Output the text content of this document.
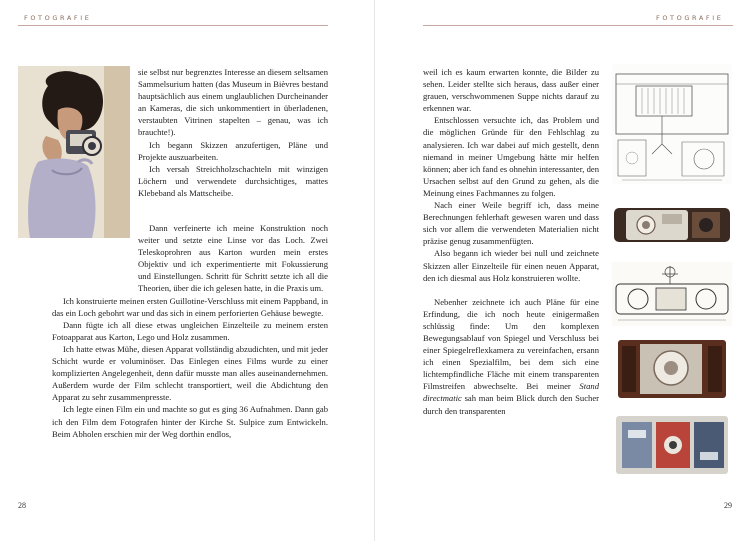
FOTOGRAFIE

sie selbst nur begrenztes Interesse an diesem seltsamen Sammelsurium hatten (das Museum in Bièvres bestand hauptsächlich aus einem unglaublichen Durcheinander an Kameras, die sich unkommentiert in überladenen, verstaubten Vitrinen stapelten – genau, was ich brauchte!).

Ich begann Skizzen anzufertigen, Pläne und Projekte auszuarbeiten.

Ich versah Streichholzschachteln mit winzigen Löchern und verwendete durchsichtiges, mattes Klebeband als Mattscheibe.

Dann verfeinerte ich meine Konstruktion noch weiter und setzte eine Linse vor das Loch. Zwei Teleskoprohren aus Karton wurden mein erstes Objektiv und ich experimentierte mit Fokussierung und Einstellungen. Schritt für Schritt setzte ich all die Theorien, über die ich gelesen hatte, in die Praxis um.

Ich konstruierte meinen ersten Guillotine-Verschluss mit einem Pappband, in das ein Loch gebohrt war und das sich in einem perforierten Gehäuse bewegte.

Dann fügte ich all diese etwas ungleichen Einzelteile zu meinem ersten Fotoapparat aus Karton, Lego und Holz zusammen.

Ich hatte etwas Mühe, diesen Apparat vollständig abzudichten, und mit jeder Schicht wurde er voluminöser. Das Einlegen eines Films wurde zu einer komplizierten Angelegenheit, denn dafür musste man alles auseinandernehmen. Außerdem wurde der Film schlecht transportiert, weil die Abdichtung den Apparat zu sehr zusammenpresste.

Ich legte einen Film ein und machte so gut es ging 36 Aufnahmen. Dann gab ich den Film dem Fotografen hinter der Kirche St. Sulpice zum Entwickeln. Beim Abholen erschien mir der Weg dorthin endlos,

28
FOTOGRAFIE

weil ich es kaum erwarten konnte, die Bilder zu sehen. Leider stellte sich heraus, dass außer einer grauen, verschwommenen Suppe nichts darauf zu erkennen war.

Entschlossen versuchte ich, das Problem und die möglichen Gründe für den Fehlschlag zu analysieren. Ich war dabei auf mich gestellt, denn niemand in meiner Umgebung hätte mir helfen können; aber ich fand es ohnehin interessanter, den Ursachen selbst auf den Grund zu gehen, als die Meinung eines Fachmannes zu folgen.

Nach einer Weile begriff ich, dass meine Berechnungen fehlerhaft gewesen waren und dass sich vor allem die verwendeten Materialien nicht präzise genug zusammenfügten.

Also begann ich wieder bei null und zeichnete Skizzen aller Einzelteile für einen neuen Apparat, den ich diesmal aus Holz konstruieren wollte.

Nebenher zeichnete ich auch Pläne für eine Erfindung, die ich noch heute einigermaßen schlüssig finde: Um den komplexen Bewegungsablauf von Spiegel und Verschluss bei einer Spiegelreflexkamera zu vereinfachen, ersann ich einen Spezialfilm, bei dem sich eine lichtempfindliche Fläche mit einem transparenten Filmstreifen abwechselte. Bei meiner Stand directmatic sah man beim Blick durch den Sucher durch den transparenten

29
